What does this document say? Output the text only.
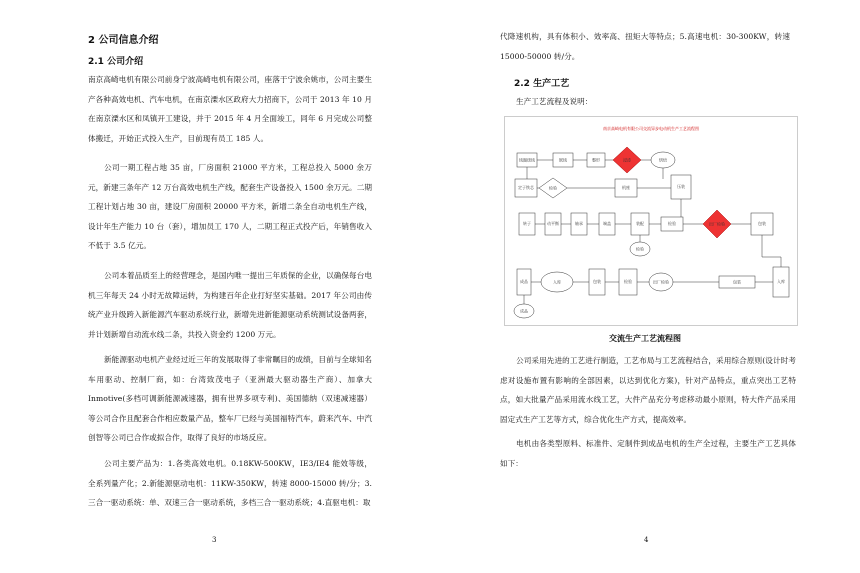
2 公司信息介绍
2.1 公司介绍
南京高崎电机有限公司前身宁波高崎电机有限公司，座落于宁波余姚市，公司主要生产各种高效电机、汽车电机，在南京溧水区政府大力招商下，公司于 2013 年 10 月在南京溧水区和凤镇开工建设，并于 2015 年 4 月全面竣工，同年 6 月完成公司整体搬迁，开始正式投入生产，目前现有员工 185 人。
公司一期工程占地 35 亩，厂房面积 21000 平方米，工程总投入 5000 余万元，新建三条年产 12 万台高效电机生产线，配套生产设备投入 1500 余万元。二期工程计划占地 30 亩，建设厂房面积 20000 平方米，新增二条全自动电机生产线，设计年生产能力 10 台（套），增加员工 170 人，二期工程正式投产后，年销售收入不低于 3.5 亿元。
公司本着品质至上的经营理念，是国内唯一提出三年质保的企业，以确保每台电机三年每天 24 小时无故障运转，为构建百年企业打好坚实基础。2017 年公司由传统产业升级跨入新能源汽车驱动系统行业，新增先进新能源驱动系统测试设备两套，并计划新增自动流水线二条，共投入资金约 1200 万元。
新能源驱动电机产业经过近三年的发展取得了非常瞩目的成绩，目前与全球知名车用驱动、控制厂商，如：台湾致茂电子（亚洲最大驱动器生产商）、加拿大 Inmotive(多档可调新能源减速器，拥有世界多项专利)、美国德纳（双速减速器）等公司合作且配套合作相应数量产品，整车厂已经与美国福特汽车，蔚来汽车、中汽创智等公司已合作或拟合作，取得了良好的市场反应。
公司主要产品为：1.各类高效电机。0.18KW-500KW，IE3/IE4 能效等级，全系列量产化；2.新能源驱动电机：11KW-350KW，转速 8000-15000 转/分；3.三合一驱动系统：单、双速三合一驱动系统，多档三合一驱动系统；4.直驱电机：取
3
代降速机构，具有体积小、效率高、扭矩大等特点；5.高速电机：30-300KW，转速 15000-50000 转/分。
2.2 生产工艺
生产工艺流程及说明：
4
南京高崎电机有限公司交流异步电动机生产工艺流程图
线圈绕线	嵌线	整形	浸漆	烘焙
定子铁芯	检验	机座	压装
转子	动平衡	轴承	端盖	装配	检验	出厂检验	包装
检验
成品	入库	包装	检验	出厂检验	包装	入库
成品
交流生产工艺流程图
公司采用先进的工艺进行制造，工艺布局与工艺流程结合，采用综合原则(设计时考虑对设施布置有影响的全部因素，以达到优化方案)，针对产品特点，重点突出工艺特点，如大批量产品采用流水线工艺，大件产品充分考虑移动最小原则，特大件产品采用固定式生产工艺等方式，综合优化生产方式，提高效率。
电机由各类型原料、标准件、定制件到成品电机的生产全过程，主要生产工艺具体如下：
